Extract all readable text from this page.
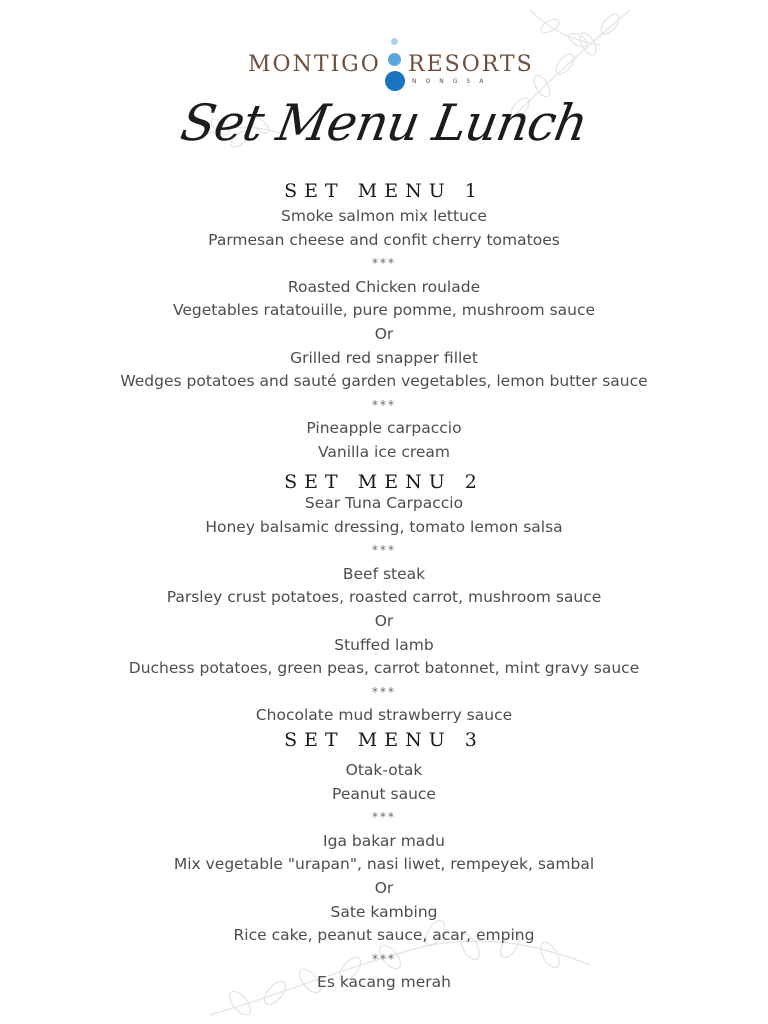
MONTIGO RESORTS
NONGSA
Set Menu Lunch
SET MENU 1
Smoke salmon mix lettuce
Parmesan cheese and confit cherry tomatoes
***
Roasted Chicken roulade
Vegetables ratatouille, pure pomme, mushroom sauce
Or
Grilled red snapper fillet
Wedges potatoes and sauté garden vegetables, lemon butter sauce
***
Pineapple carpaccio
Vanilla ice cream
SET MENU 2
Sear Tuna Carpaccio
Honey balsamic dressing, tomato lemon salsa
***
Beef steak
Parsley crust potatoes, roasted carrot, mushroom sauce
Or
Stuffed lamb
Duchess potatoes, green peas, carrot batonnet, mint gravy sauce
***
Chocolate mud strawberry sauce
SET MENU 3
Otak-otak
Peanut sauce
***
Iga bakar madu
Mix vegetable "urapan", nasi liwet, rempeyek, sambal
Or
Sate kambing
Rice cake, peanut sauce, acar, emping
***
Es kacang merah
